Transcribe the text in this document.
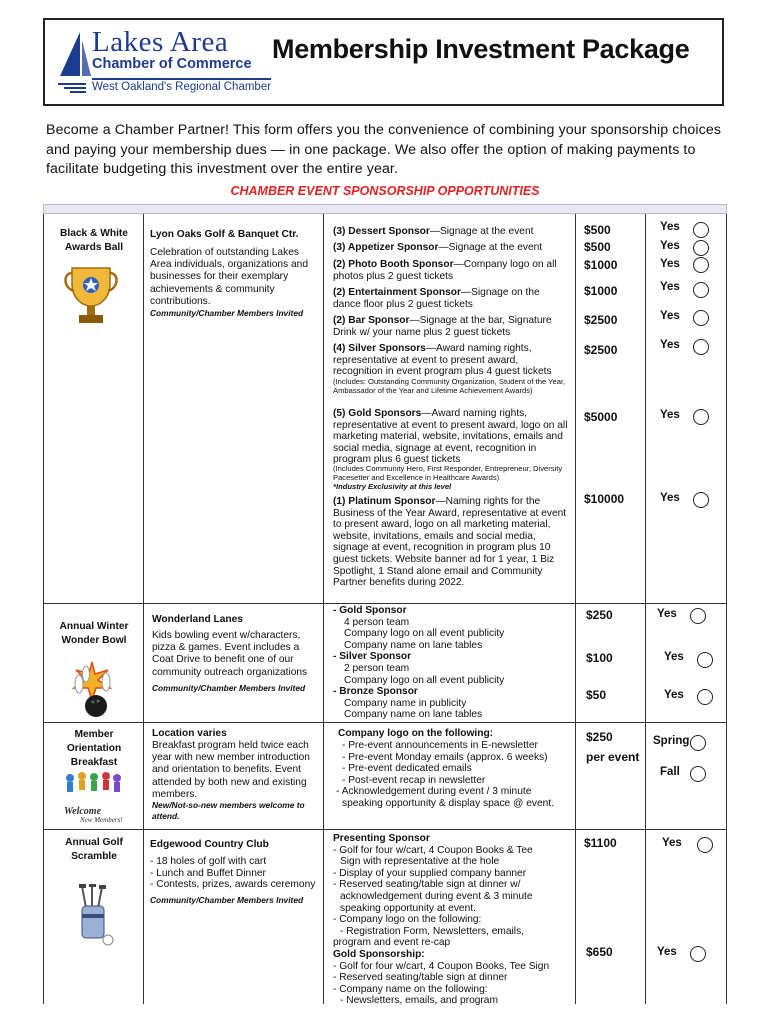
Lakes Area
Chamber of Commerce
West Oakland's Regional Chamber
Membership Investment Package
Become a Chamber Partner! This form offers you the convenience of combining your sponsorship choices and paying your membership dues — in one package. We also offer the option of making payments to facilitate budgeting this investment over the entire year.
CHAMBER EVENT SPONSORSHIP OPPORTUNITIES
Black & White Awards Ball
Lyon Oaks Golf & Banquet Ctr.
Celebration of outstanding Lakes Area individuals, organizations and businesses for their exemplary achievements & community contributions.
Community/Chamber Members Invited
(3) Dessert Sponsor—Signage at the event
(3) Appetizer Sponsor—Signage at the event
(2) Photo Booth Sponsor—Company logo on all photos plus 2 guest tickets
(2) Entertainment Sponsor—Signage on the dance floor plus 2 guest tickets
(2) Bar Sponsor—Signage at the bar, Signature Drink w/ your name plus 2 guest tickets
(4) Silver Sponsors—Award naming rights, representative at event to present award, recognition in event program plus 4 guest tickets
(Includes: Outstanding Community Organization, Student of the Year, Ambassador of the Year and Lifetime Achievement Awards)
(5) Gold Sponsors—Award naming rights, representative at event to present award, logo on all marketing material, website, invitations, emails and social media, signage at event, recognition in program plus 6 guest tickets
(Includes Community Hero, First Responder, Entrepreneur, Diversity Pacesetter and Excellence in Healthcare Awards)
*Industry Exclusivity at this level
(1) Platinum Sponsor—Naming rights for the Business of the Year Award, representative at event to present award, logo on all marketing material, website, invitations, emails and social media, signage at event, recognition in program plus 10 guest tickets. Website banner ad for 1 year, 1 Biz Spotlight, 1 Stand alone email and Community Partner benefits during 2022.
$500
$500
$1000
$1000
$2500
$2500
$5000
$10000
Yes
Yes
Yes
Yes
Yes
Yes
Yes
Yes
Annual Winter Wonder Bowl
Wonderland Lanes
Kids bowling event w/characters, pizza & games. Event includes a Coat Drive to benefit one of our community outreach organizations
Community/Chamber Members Invited
- Gold Sponsor
4 person team
Company logo on all event publicity
Company name on lane tables
- Silver Sponsor
2 person team
Company logo on all event publicity
- Bronze Sponsor
Company name in publicity
Company name on lane tables
$250
$100
$50
Yes
Yes
Yes
Member Orientation Breakfast
Welcome
New Members!
Location varies
Breakfast program held twice each year with new member introduction and orientation to benefits. Event attended by both new and existing members.
New/Not-so-new members welcome to attend.
Company logo on the following:
- Pre-event announcements in E-newsletter
- Pre-event Monday emails (approx. 6 weeks)
- Pre-event dedicated emails
- Post-event recap in newsletter
- Acknowledgement during event / 3 minute
speaking opportunity & display space @ event.
$250
per event
Spring
Fall
Annual Golf Scramble
Edgewood Country Club
- 18 holes of golf with cart
- Lunch and Buffet Dinner
- Contests, prizes, awards ceremony
Community/Chamber Members Invited
Presenting Sponsor
- Golf for four w/cart, 4 Coupon Books & Tee
Sign with representative at the hole
- Display of your supplied company banner
- Reserved seating/table sign at dinner w/
acknowledgement during event & 3 minute
speaking opportunity at event.
- Company logo on the following:
- Registration Form, Newsletters, emails,
program and event re-cap
Gold Sponsorship:
- Golf for four w/cart, 4 Coupon Books, Tee Sign
- Reserved seating/table sign at dinner
- Company name on the following:
- Newsletters, emails, and program
$1100
$650
Yes
Yes
